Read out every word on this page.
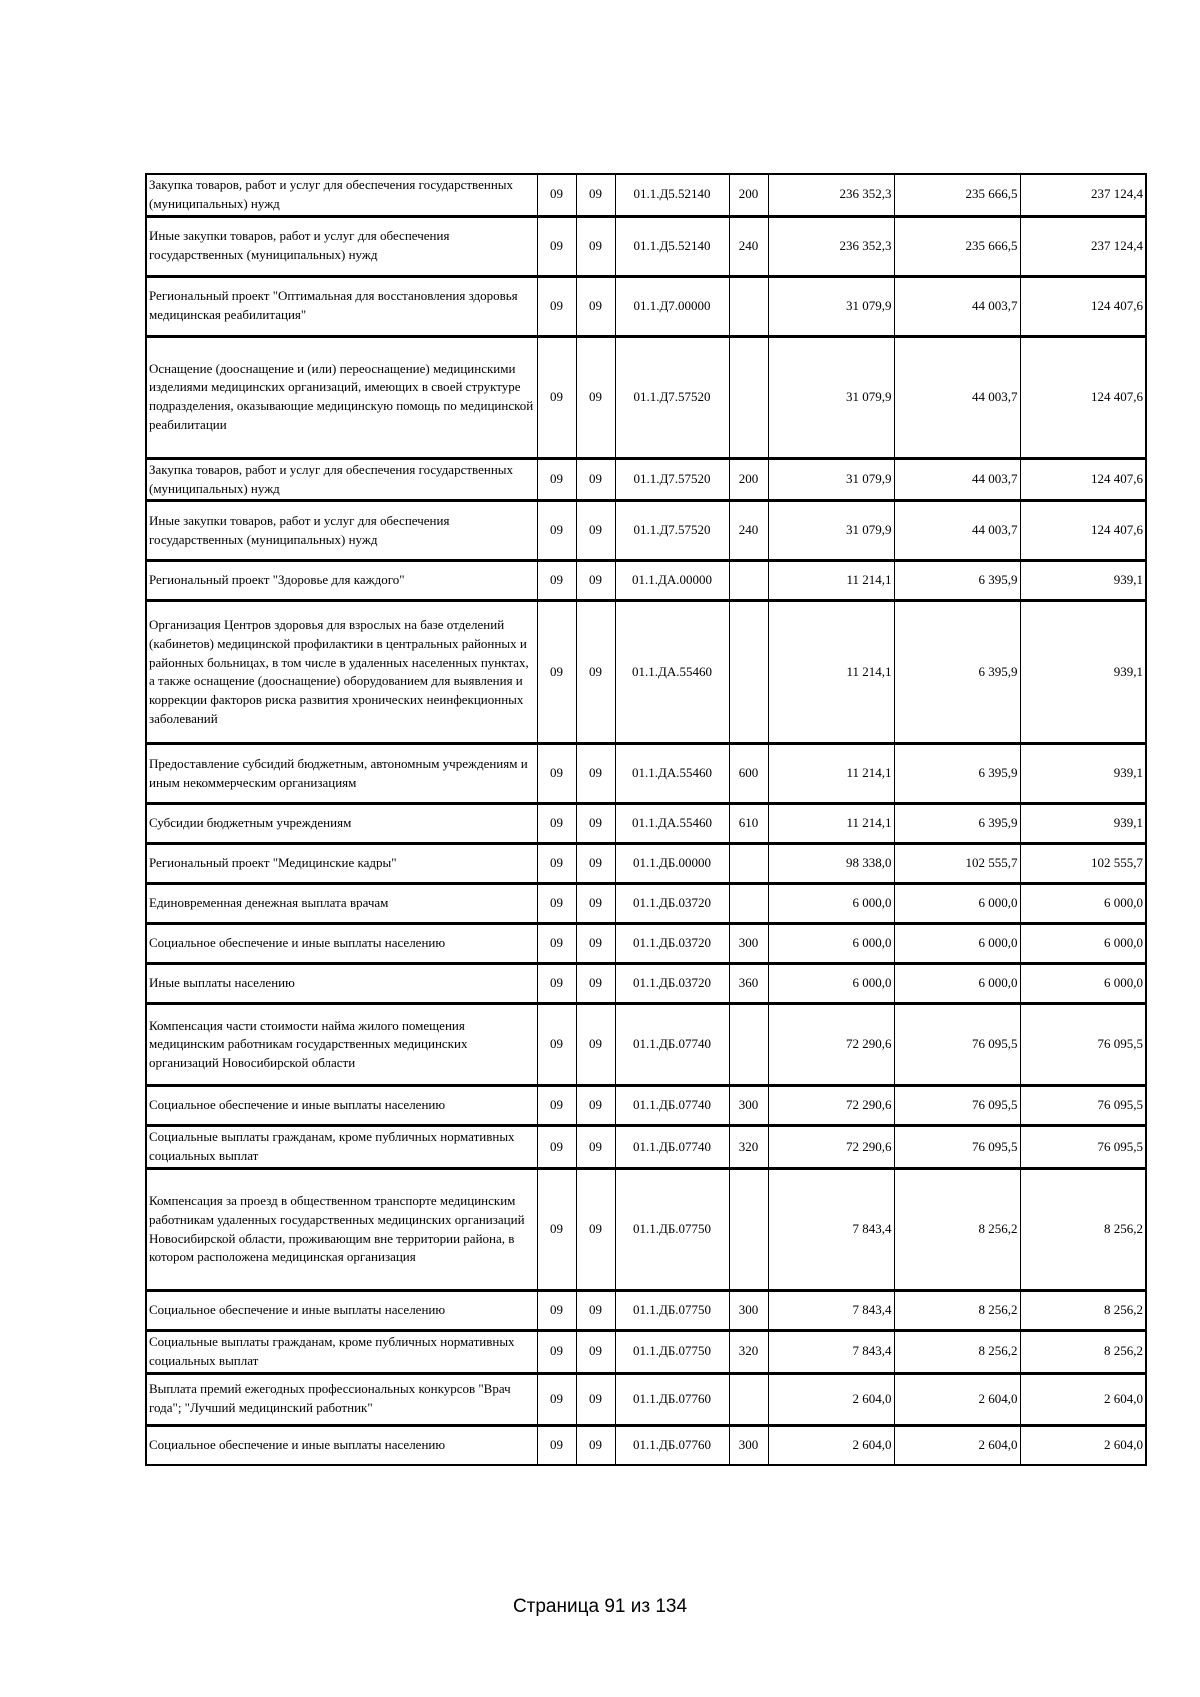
Закупка товаров, работ и услуг для обеспечения государственных (муниципальных) нужд	09	09	01.1.Д5.52140	200	236 352,3	235 666,5	237 124,4
Иные закупки товаров, работ и услуг для обеспечения государственных (муниципальных) нужд	09	09	01.1.Д5.52140	240	236 352,3	235 666,5	237 124,4
Региональный проект "Оптимальная для восстановления здоровья медицинская реабилитация"	09	09	01.1.Д7.00000		31 079,9	44 003,7	124 407,6
Оснащение (дооснащение и (или) переоснащение) медицинскими изделиями медицинских организаций, имеющих в своей структуре подразделения, оказывающие медицинскую помощь по медицинской реабилитации	09	09	01.1.Д7.57520		31 079,9	44 003,7	124 407,6
Закупка товаров, работ и услуг для обеспечения государственных (муниципальных) нужд	09	09	01.1.Д7.57520	200	31 079,9	44 003,7	124 407,6
Иные закупки товаров, работ и услуг для обеспечения государственных (муниципальных) нужд	09	09	01.1.Д7.57520	240	31 079,9	44 003,7	124 407,6
Региональный проект "Здоровье для каждого"	09	09	01.1.ДА.00000		11 214,1	6 395,9	939,1
Организация Центров здоровья для взрослых на базе отделений (кабинетов) медицинской профилактики в центральных районных и районных больницах, в том числе в удаленных населенных пунктах, а также оснащение (дооснащение) оборудованием для выявления и коррекции факторов риска развития хронических неинфекционных заболеваний	09	09	01.1.ДА.55460		11 214,1	6 395,9	939,1
Предоставление субсидий бюджетным, автономным учреждениям и иным некоммерческим организациям	09	09	01.1.ДА.55460	600	11 214,1	6 395,9	939,1
Субсидии бюджетным учреждениям	09	09	01.1.ДА.55460	610	11 214,1	6 395,9	939,1
Региональный проект "Медицинские кадры"	09	09	01.1.ДБ.00000		98 338,0	102 555,7	102 555,7
Единовременная денежная выплата врачам	09	09	01.1.ДБ.03720		6 000,0	6 000,0	6 000,0
Социальное обеспечение и иные выплаты населению	09	09	01.1.ДБ.03720	300	6 000,0	6 000,0	6 000,0
Иные выплаты населению	09	09	01.1.ДБ.03720	360	6 000,0	6 000,0	6 000,0
Компенсация части стоимости найма жилого помещения медицинским работникам государственных медицинских организаций Новосибирской области	09	09	01.1.ДБ.07740		72 290,6	76 095,5	76 095,5
Социальное обеспечение и иные выплаты населению	09	09	01.1.ДБ.07740	300	72 290,6	76 095,5	76 095,5
Социальные выплаты гражданам, кроме публичных нормативных социальных выплат	09	09	01.1.ДБ.07740	320	72 290,6	76 095,5	76 095,5
Компенсация за проезд в общественном транспорте медицинским работникам удаленных государственных медицинских организаций Новосибирской области, проживающим вне территории района, в котором расположена медицинская организация	09	09	01.1.ДБ.07750		7 843,4	8 256,2	8 256,2
Социальное обеспечение и иные выплаты населению	09	09	01.1.ДБ.07750	300	7 843,4	8 256,2	8 256,2
Социальные выплаты гражданам, кроме публичных нормативных социальных выплат	09	09	01.1.ДБ.07750	320	7 843,4	8 256,2	8 256,2
Выплата премий ежегодных профессиональных конкурсов "Врач года"; "Лучший медицинский работник"	09	09	01.1.ДБ.07760		2 604,0	2 604,0	2 604,0
Социальное обеспечение и иные выплаты населению	09	09	01.1.ДБ.07760	300	2 604,0	2 604,0	2 604,0
Страница 91 из 134
